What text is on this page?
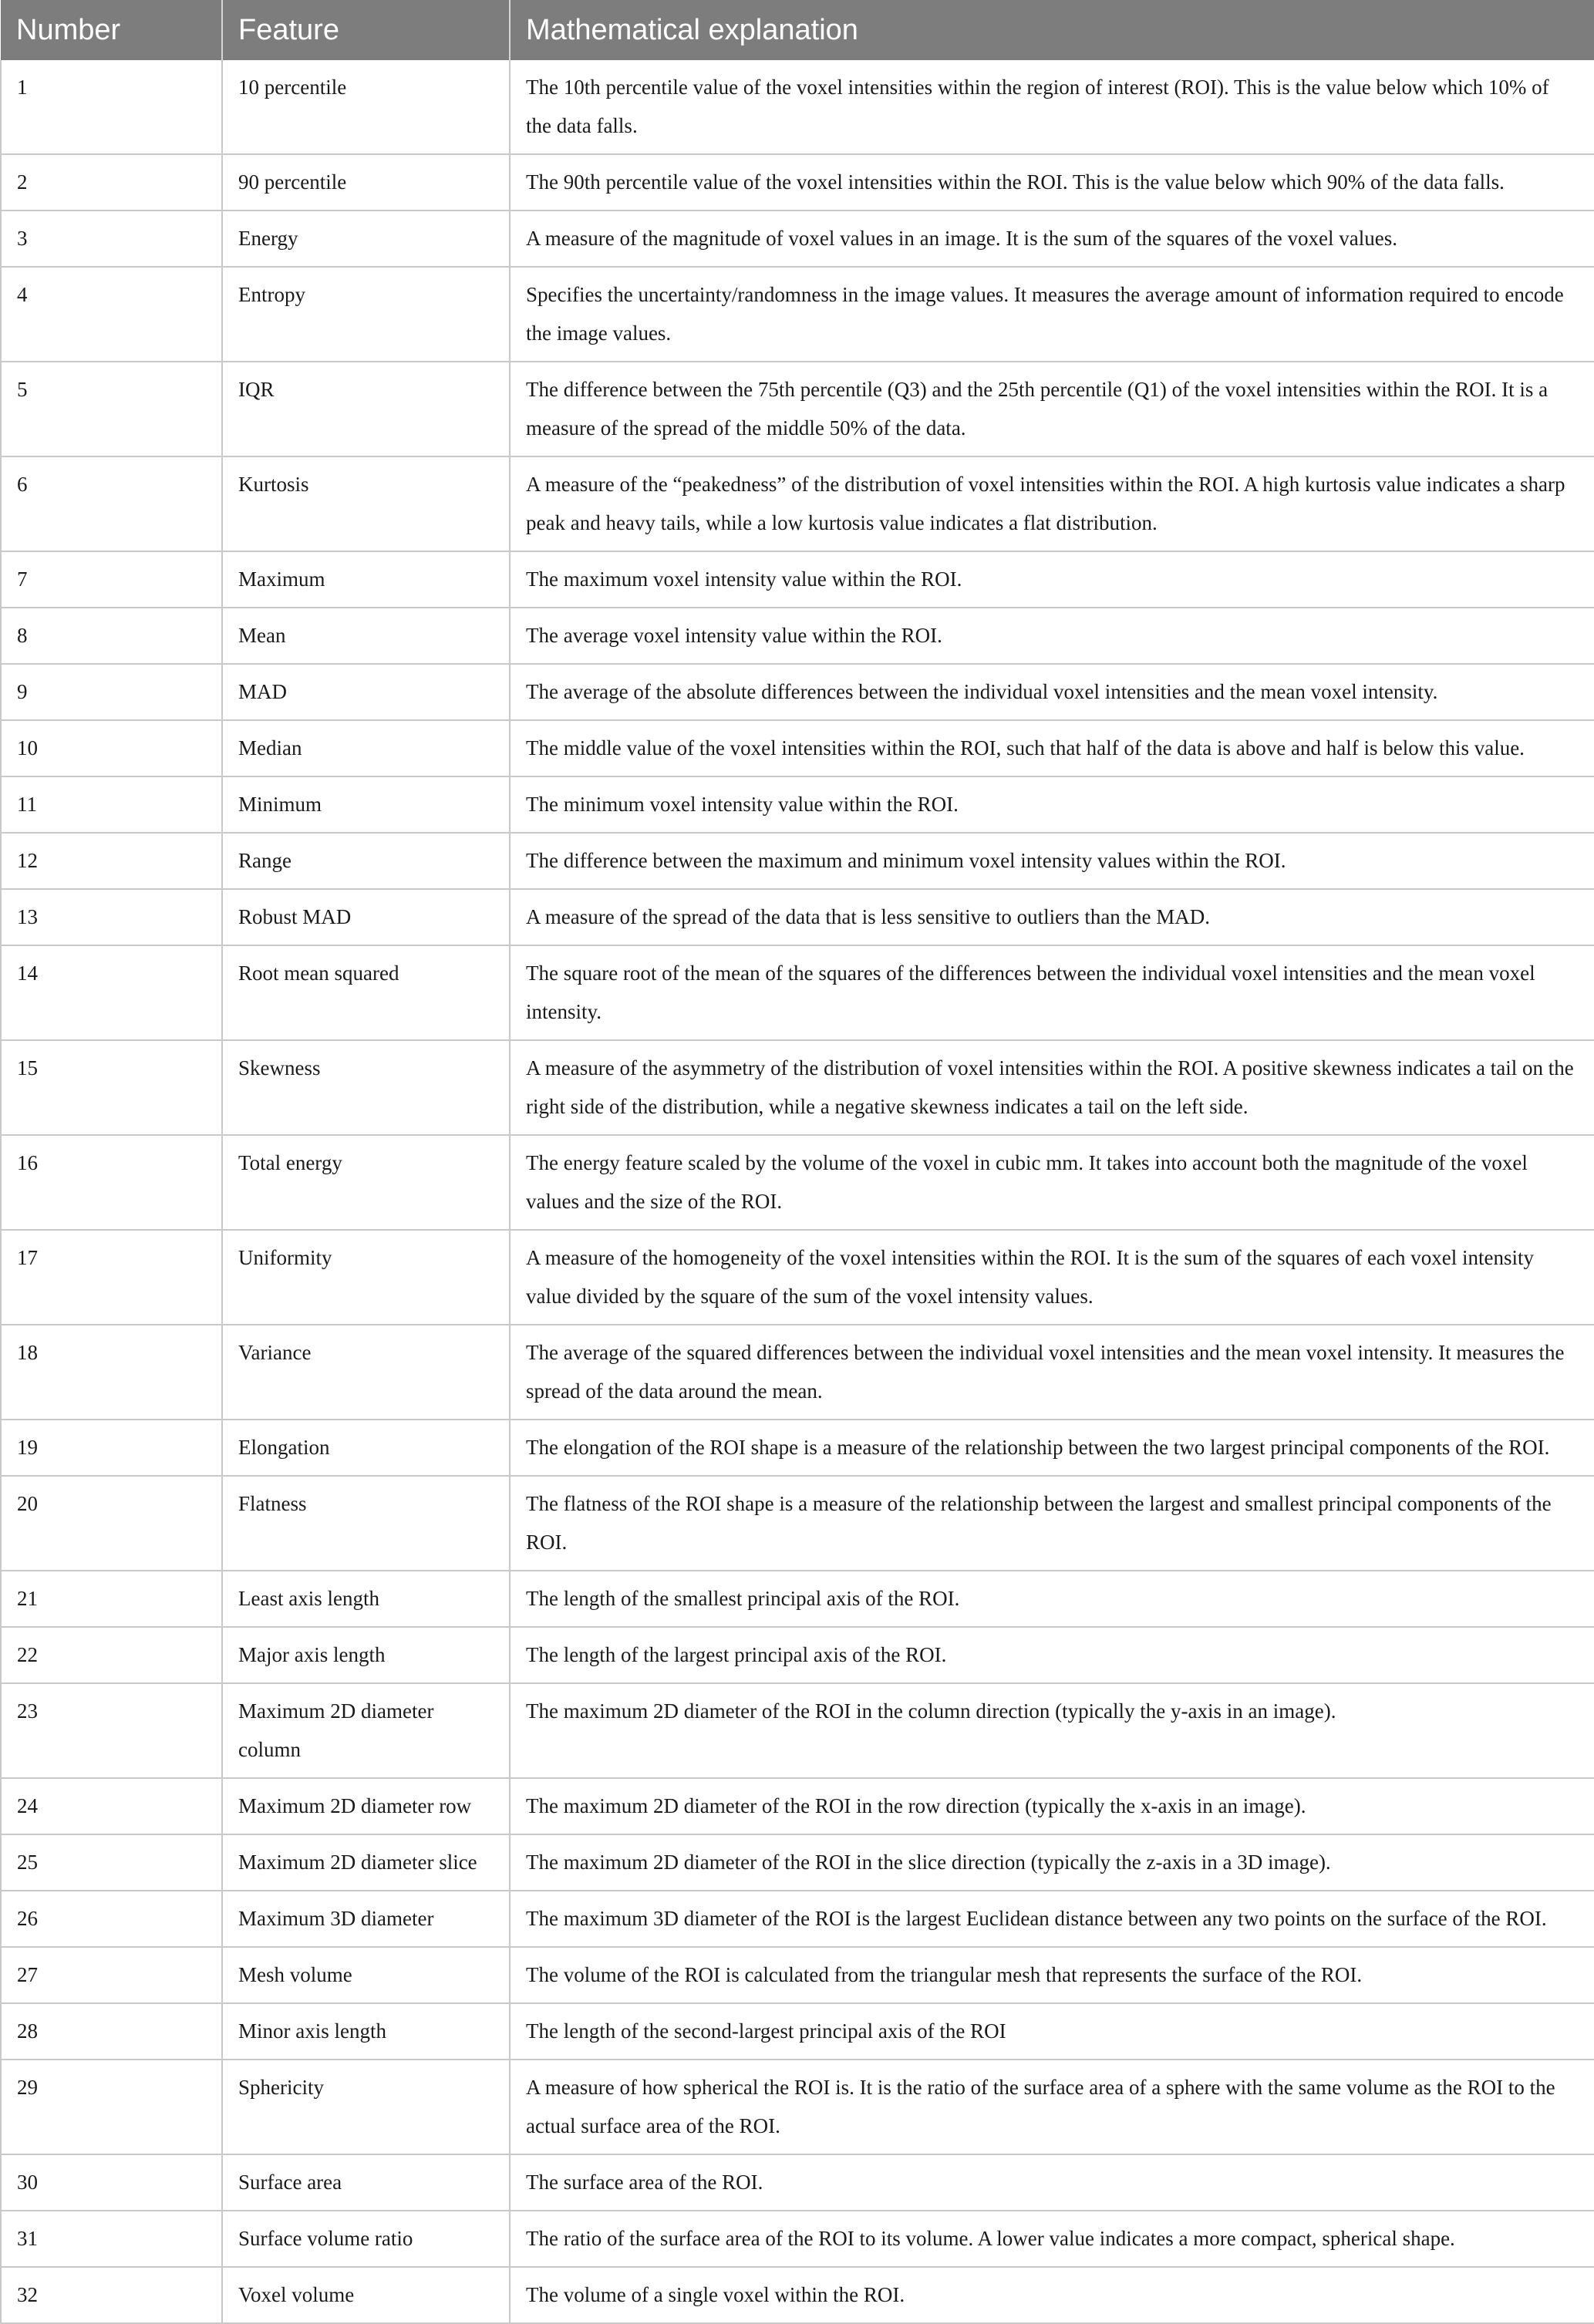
Number	Feature	Mathematical explanation
1	10 percentile	The 10th percentile value of the voxel intensities within the region of interest (ROI). This is the value below which 10% of the data falls.
2	90 percentile	The 90th percentile value of the voxel intensities within the ROI. This is the value below which 90% of the data falls.
3	Energy	A measure of the magnitude of voxel values in an image. It is the sum of the squares of the voxel values.
4	Entropy	Specifies the uncertainty/randomness in the image values. It measures the average amount of information required to encode the image values.
5	IQR	The difference between the 75th percentile (Q3) and the 25th percentile (Q1) of the voxel intensities within the ROI. It is a measure of the spread of the middle 50% of the data.
6	Kurtosis	A measure of the “peakedness” of the distribution of voxel intensities within the ROI. A high kurtosis value indicates a sharp peak and heavy tails, while a low kurtosis value indicates a flat distribution.
7	Maximum	The maximum voxel intensity value within the ROI.
8	Mean	The average voxel intensity value within the ROI.
9	MAD	The average of the absolute differences between the individual voxel intensities and the mean voxel intensity.
10	Median	The middle value of the voxel intensities within the ROI, such that half of the data is above and half is below this value.
11	Minimum	The minimum voxel intensity value within the ROI.
12	Range	The difference between the maximum and minimum voxel intensity values within the ROI.
13	Robust MAD	A measure of the spread of the data that is less sensitive to outliers than the MAD.
14	Root mean squared	The square root of the mean of the squares of the differences between the individual voxel intensities and the mean voxel intensity.
15	Skewness	A measure of the asymmetry of the distribution of voxel intensities within the ROI. A positive skewness indicates a tail on the right side of the distribution, while a negative skewness indicates a tail on the left side.
16	Total energy	The energy feature scaled by the volume of the voxel in cubic mm. It takes into account both the magnitude of the voxel values and the size of the ROI.
17	Uniformity	A measure of the homogeneity of the voxel intensities within the ROI. It is the sum of the squares of each voxel intensity value divided by the square of the sum of the voxel intensity values.
18	Variance	The average of the squared differences between the individual voxel intensities and the mean voxel intensity. It measures the spread of the data around the mean.
19	Elongation	The elongation of the ROI shape is a measure of the relationship between the two largest principal components of the ROI.
20	Flatness	The flatness of the ROI shape is a measure of the relationship between the largest and smallest principal components of the ROI.
21	Least axis length	The length of the smallest principal axis of the ROI.
22	Major axis length	The length of the largest principal axis of the ROI.
23	Maximum 2D diameter column	The maximum 2D diameter of the ROI in the column direction (typically the y-axis in an image).
24	Maximum 2D diameter row	The maximum 2D diameter of the ROI in the row direction (typically the x-axis in an image).
25	Maximum 2D diameter slice	The maximum 2D diameter of the ROI in the slice direction (typically the z-axis in a 3D image).
26	Maximum 3D diameter	The maximum 3D diameter of the ROI is the largest Euclidean distance between any two points on the surface of the ROI.
27	Mesh volume	The volume of the ROI is calculated from the triangular mesh that represents the surface of the ROI.
28	Minor axis length	The length of the second-largest principal axis of the ROI
29	Sphericity	A measure of how spherical the ROI is. It is the ratio of the surface area of a sphere with the same volume as the ROI to the actual surface area of the ROI.
30	Surface area	The surface area of the ROI.
31	Surface volume ratio	The ratio of the surface area of the ROI to its volume. A lower value indicates a more compact, spherical shape.
32	Voxel volume	The volume of a single voxel within the ROI.
